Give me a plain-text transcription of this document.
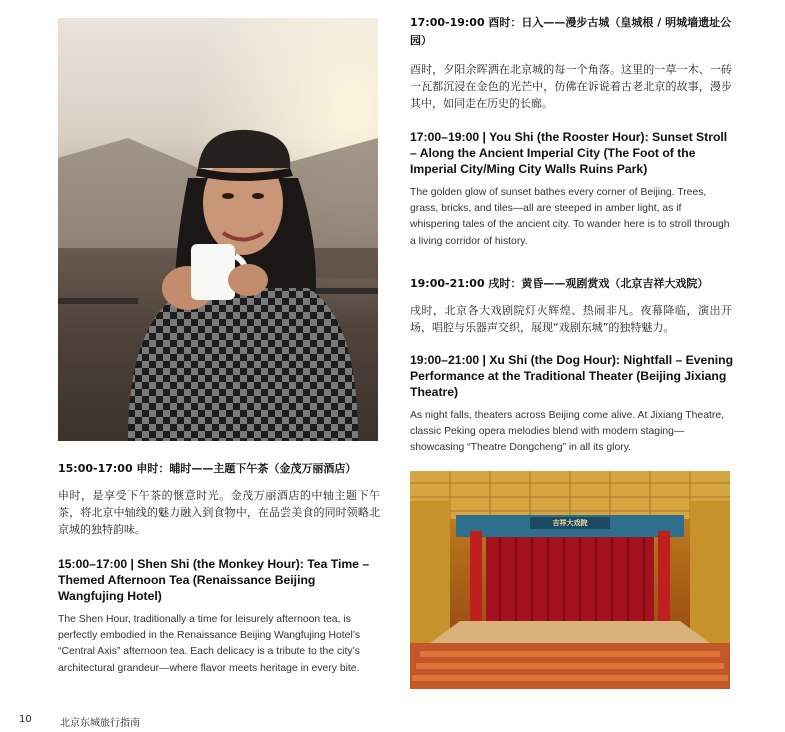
15:00-17:00 申时：晡时——主题下午茶（金茂万丽酒店）
申时，是享受下午茶的惬意时光。金茂万丽酒店的中轴主题下午茶，将北京中轴线的魅力融入到食物中，在品尝美食的同时领略北京城的独特韵味。
15:00–17:00 | Shen Shi (the Monkey Hour): Tea Time – Themed Afternoon Tea (Renaissance Beijing Wangfujing Hotel)
The Shen Hour, traditionally a time for leisurely afternoon tea, is perfectly embodied in the Renaissance Beijing Wangfujing Hotel’s “Central Axis” afternoon tea. Each delicacy is a tribute to the city’s architectural grandeur—where flavor meets heritage in every bite.
17:00-19:00 酉时：日入——漫步古城（皇城根 / 明城墙遗址公园）
酉时，夕阳余晖洒在北京城的每一个角落。这里的一草一木、一砖一瓦都沉浸在金色的光芒中，仿佛在诉说着古老北京的故事，漫步其中，如同走在历史的长廊。
17:00–19:00 | You Shi (the Rooster Hour): Sunset Stroll – Along the Ancient Imperial City (The Foot of the Imperial City/Ming City Walls Ruins Park)
The golden glow of sunset bathes every corner of Beijing. Trees, grass, bricks, and tiles—all are steeped in amber light, as if whispering tales of the ancient city. To wander here is to stroll through a living corridor of history.
19:00-21:00 戌时：黄昏——观剧赏戏（北京吉祥大戏院）
戌时，北京各大戏剧院灯火辉煌、热闹非凡。夜幕降临，演出开场，唱腔与乐器声交织，展现“戏剧东城”的独特魅力。
19:00–21:00 | Xu Shi (the Dog Hour): Nightfall – Evening Performance at the Traditional Theater (Beijing Jixiang Theatre)
As night falls, theaters across Beijing come alive. At Jixiang Theatre, classic Peking opera melodies blend with modern staging—showcasing “Theatre Dongcheng” in all its glory.
吉祥大戏院
10	北京东城旅行指南
